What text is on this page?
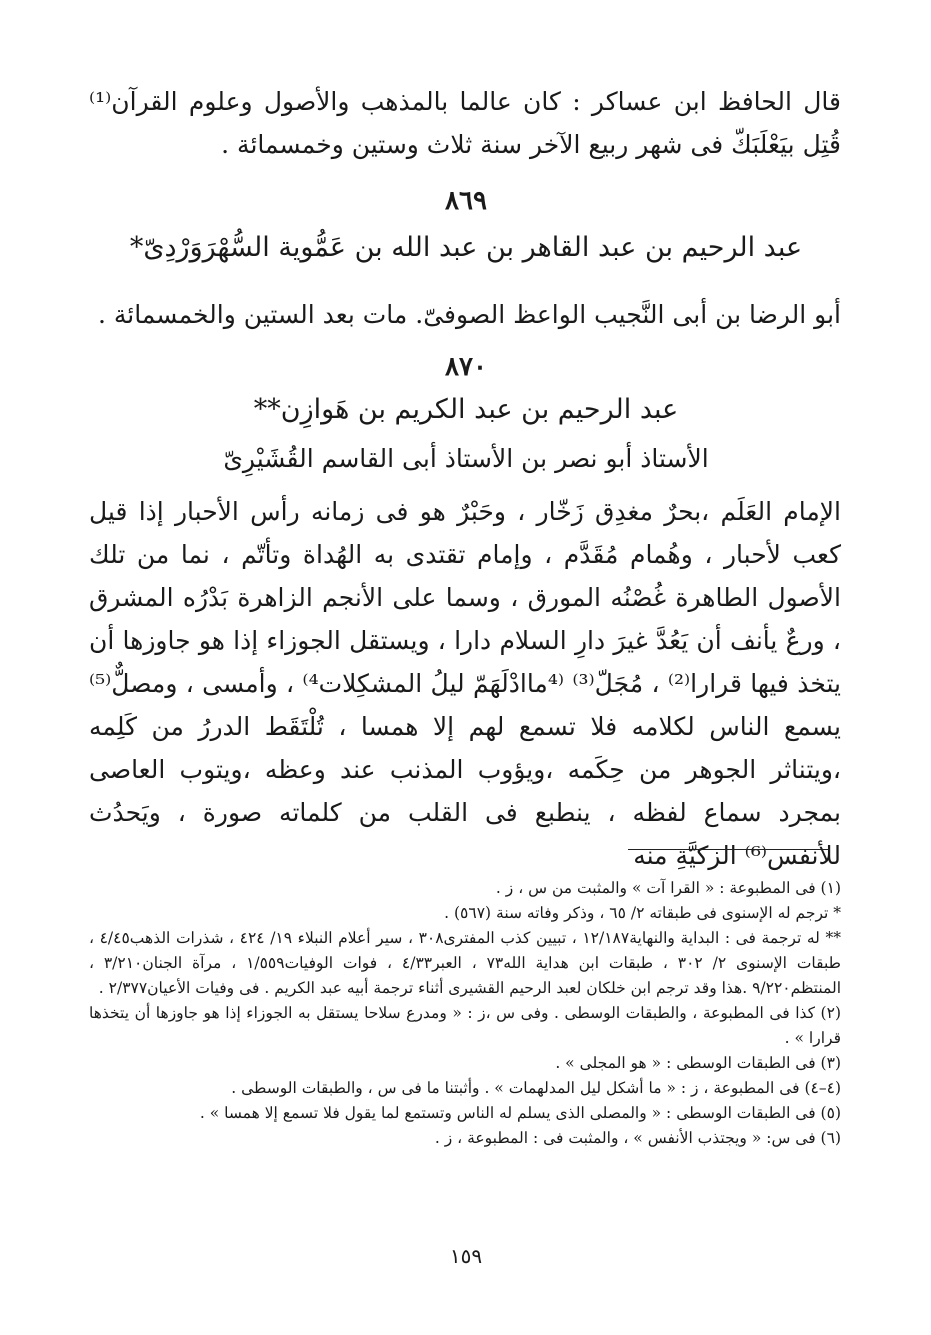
قال الحافظ ابن عساكر : كان عالما بالمذهب والأصول وعلوم القرآن⁽¹⁾ قُتِل بيَعْلَبَكّ فى شهر ربيع الآخر سنة ثلاث وستين وخمسمائة .
٨٦٩
عبد الرحيم بن عبد القاهر بن عبد الله بن عَمُّوية السُّهْرَوَرْدِىّ*
أبو الرضا بن أبى النَّجيب الواعظ الصوفىّ. مات بعد الستين والخمسمائة .
٨٧٠
عبد الرحيم بن عبد الكريم بن هَوازِن**
الأستاذ أبو نصر بن الأستاذ أبى القاسم القُشَيْرِىّ
الإمام العَلَم ،بحرٌ مغدِق زَخّار ، وحَبْرٌ هو فى زمانه رأس الأحبار إذا قيل كعب لأحبار ، وهُمام مُقَدَّم ، وإمام تقتدى به الهُداة وتأتّم ، نما من تلك الأصول الطاهرة غُصْنُه المورق ، وسما على الأنجم الزاهرة بَدْرُه المشرق ، ورعٌ يأنف أن يَعُدَّ غيرَ دارِ السلام دارا ، ويستقل الجوزاء إذا هو جاوزها أن يتخذ فيها قرارا⁽²⁾ ، مُجَلّ⁽³⁾ ⁽⁴ماادْلَهَمّ ليلُ المشكِلات⁴⁾ ، وأمسى ، ومصلٌّ⁽⁵⁾ يسمع الناس لكلامه فلا تسمع لهم إلا همسا ، تُلْتَقَط الدررُ من كَلِمه ،ويتناثر الجوهر من حِكَمه ،ويؤوب المذنب عند وعظه ،ويتوب العاصى بمجرد سماع لفظه ، ينطبع فى القلب من كلماته صورة ، ويَحدُث للأنفس⁽⁶⁾ الزكيَّةِ منه

(١) فى المطبوعة : « القرا آت » والمثبت من س ، ز .

* ترجم له الإسنوى فى طبقاته ٢/ ٦٥ ، وذكر وفاته سنة (٥٦٧) .

** له ترجمة فى : البداية والنهاية١٢/١٨٧ ، تبيين كذب المفترى٣٠٨ ، سير أعلام النبلاء ١٩/ ٤٢٤ ، شذرات الذهب٤/٤٥ ، طبقات الإسنوى ٢/ ٣٠٢ ، طبقات ابن هداية الله٧٣ ، العبر٤/٣٣ ، فوات الوفيات١/٥٥٩ ، مرآة الجنان٣/٢١٠ ، المنتظم٩/٢٢٠ .هذا وقد ترجم ابن خلكان لعبد الرحيم القشيرى أثناء ترجمة أبيه عبد الكريم . فى وفيات الأعيان٢/٣٧٧ .

(٢) كذا فى المطبوعة ، والطبقات الوسطى . وفى س ،ز : « ومدرع سلاحا يستقل به الجوزاء إذا هو جاوزها أن يتخذها قرارا » .

(٣) فى الطبقات الوسطى : « هو المجلى » .

(٤–٤) فى المطبوعة ، ز : « ما أشكل ليل المدلهمات » . وأثبتنا ما فى س ، والطبقات الوسطى .

(٥) فى الطبقات الوسطى : « والمصلى الذى يسلم له الناس وتستمع لما يقول فلا تسمع إلا همسا » .

(٦) فى س: « ويجتذب الأنفس » ، والمثبت فى : المطبوعة ، ز .

١٥٩
